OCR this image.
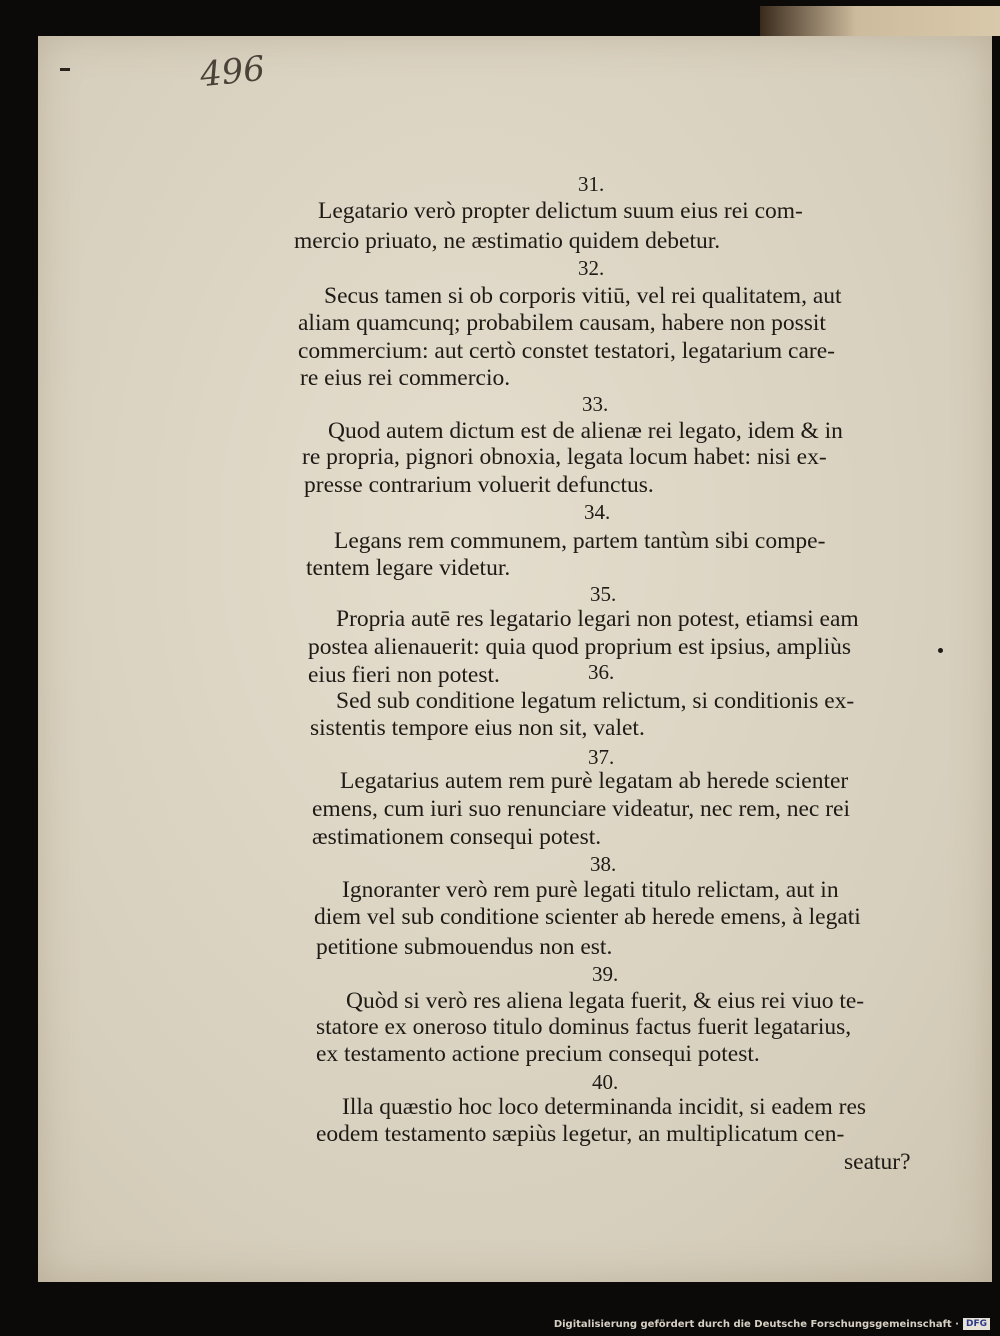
496
31.
Legatario verò propter delictum suum eius rei com-
mercio priuato, ne æstimatio quidem debetur.
32.
Secus tamen si ob corporis vitiū, vel rei qualitatem, aut
aliam quamcunq; probabilem causam, habere non possit
commercium: aut certò constet testatori, legatarium care-
re eius rei commercio.
33.
Quod autem dictum est de alienæ rei legato, idem & in
re propria, pignori obnoxia, legata locum habet: nisi ex-
presse contrarium voluerit defunctus.
34.
Legans rem communem, partem tantùm sibi compe-
tentem legare videtur.
35.
Propria autē res legatario legari non potest, etiamsi eam
postea alienauerit: quia quod proprium est ipsius, ampliùs
eius fieri non potest.	36.
Sed sub conditione legatum relictum, si conditionis ex-
sistentis tempore eius non sit, valet.
37.
Legatarius autem rem purè legatam ab herede scienter
emens, cum iuri suo renunciare videatur, nec rem, nec rei
æstimationem consequi potest.
38.
Ignoranter verò rem purè legati titulo relictam, aut in
diem vel sub conditione scienter ab herede emens, à legati
petitione submouendus non est.
39.
Quòd si verò res aliena legata fuerit, & eius rei viuo te-
statore ex oneroso titulo dominus factus fuerit legatarius,
ex testamento actione precium consequi potest.
40.
Illa quæstio hoc loco determinanda incidit, si eadem res
eodem testamento sæpiùs legetur, an multiplicatum cen-
seatur?
Digitalisierung gefördert durch die Deutsche Forschungsgemeinschaft · DFG
